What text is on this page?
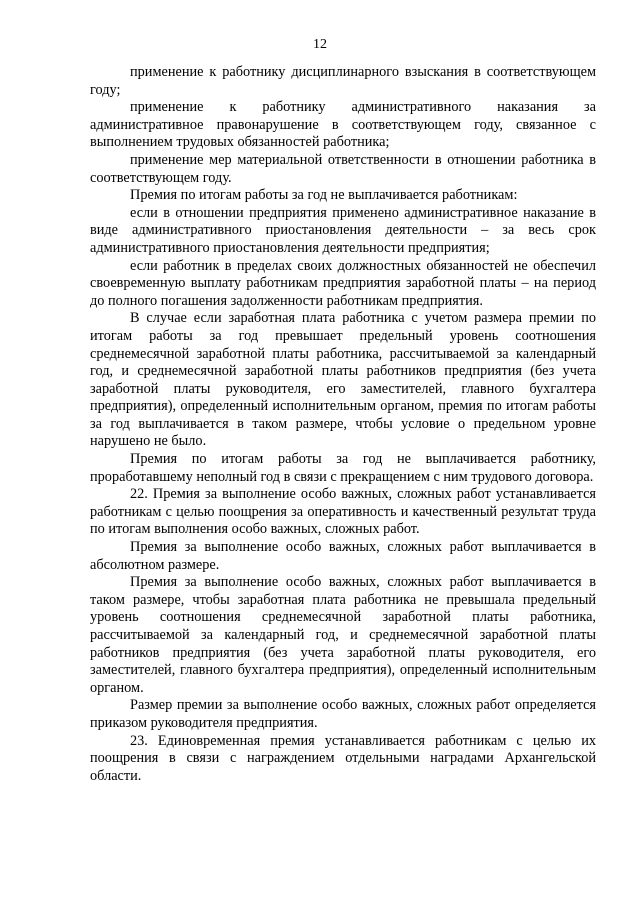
12

применение к работнику дисциплинарного взыскания в соответствующем году;

применение к работнику административного наказания за административное правонарушение в соответствующем году, связанное с выполнением трудовых обязанностей работника;

применение мер материальной ответственности в отношении работника в соответствующем году.

Премия по итогам работы за год не выплачивается работникам:

если в отношении предприятия применено административное наказание в виде административного приостановления деятельности – за весь срок административного приостановления деятельности предприятия;

если работник в пределах своих должностных обязанностей не обеспечил своевременную выплату работникам предприятия заработной платы – на период до полного погашения задолженности работникам предприятия.

В случае если заработная плата работника с учетом размера премии по итогам работы за год превышает предельный уровень соотношения среднемесячной заработной платы работника, рассчитываемой за календарный год, и среднемесячной заработной платы работников предприятия (без учета заработной платы руководителя, его заместителей, главного бухгалтера предприятия), определенный исполнительным органом, премия по итогам работы за год выплачивается в таком размере, чтобы условие о предельном уровне нарушено не было.

Премия по итогам работы за год не выплачивается работнику, проработавшему неполный год в связи с прекращением с ним трудового договора.

22. Премия за выполнение особо важных, сложных работ устанавливается работникам с целью поощрения за оперативность и качественный результат труда по итогам выполнения особо важных, сложных работ.

Премия за выполнение особо важных, сложных работ выплачивается в абсолютном размере.

Премия за выполнение особо важных, сложных работ выплачивается в таком размере, чтобы заработная плата работника не превышала предельный уровень соотношения среднемесячной заработной платы работника, рассчитываемой за календарный год, и среднемесячной заработной платы работников предприятия (без учета заработной платы руководителя, его заместителей, главного бухгалтера предприятия), определенный исполнительным органом.

Размер премии за выполнение особо важных, сложных работ определяется приказом руководителя предприятия.

23. Единовременная премия устанавливается работникам с целью их поощрения в связи с награждением отдельными наградами Архангельской области.
